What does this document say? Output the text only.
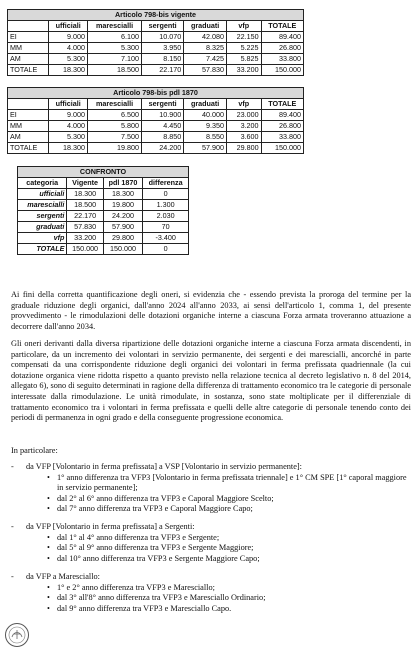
Articolo 798-bis vigente						
	ufficiali	marescialli	sergenti	graduati	vfp	TOTALE
EI	9.000	6.100	10.070	42.080	22.150	89.400
MM	4.000	5.300	3.950	8.325	5.225	26.800
AM	5.300	7.100	8.150	7.425	5.825	33.800
TOTALE	18.300	18.500	22.170	57.830	33.200	150.000
Articolo 798-bis pdl 1870						
	ufficiali	marescialli	sergenti	graduati	vfp	TOTALE
EI	9.000	6.500	10.900	40.000	23.000	89.400
MM	4.000	5.800	4.450	9.350	3.200	26.800
AM	5.300	7.500	8.850	8.550	3.600	33.800
TOTALE	18.300	19.800	24.200	57.900	29.800	150.000
CONFRONTO			
categoria	Vigente	pdl 1870	differenza
ufficiali	18.300	18.300	0
marescialli	18.500	19.800	1.300
sergenti	22.170	24.200	2.030
graduati	57.830	57.900	70
vfp	33.200	29.800	-3.400
TOTALE	150.000	150.000	0

Ai fini della corretta quantificazione degli oneri, si evidenzia che - essendo prevista la proroga del termine per la graduale riduzione degli organici, dall'anno 2024 all'anno 2033, ai sensi dell'articolo 1, comma 1, del presente provvedimento - le rimodulazioni delle dotazioni organiche interne a ciascuna Forza armata troveranno attuazione a decorrere dall'anno 2034.

Gli oneri derivanti dalla diversa ripartizione delle dotazioni organiche interne a ciascuna Forza armata discendenti, in particolare, da un incremento dei volontari in servizio permanente, dei sergenti e dei marescialli, ancorché in parte compensati da una corrispondente riduzione degli organici dei volontari in ferma prefissata quadriennale (la cui dotazione organica viene ridotta rispetto a quanto previsto nella relazione tecnica al decreto legislativo n. 8 del 2014, allegato 6), sono di seguito determinati in ragione della differenza di trattamento economico tra le categorie di personale interessate dalla rimodulazione. Le unità rimodulate, in sostanza, sono state moltiplicate per il differenziale di trattamento economico tra i volontari in ferma prefissata e quelli delle altre categorie di personale tenendo conto dei periodi di permanenza in ogni grado e della conseguente progressione economica.

In particolare:

- da VFP [Volontario in ferma prefissata] a VSP [Volontario in servizio permanente]:
• 1° anno differenza tra VFP3 [Volontario in ferma prefissata triennale] e 1° CM SPE [1° caporal maggiore in servizio permanente];
• dal 2° al 6° anno differenza tra VFP3 e Caporal Maggiore Scelto;
• dal 7° anno differenza tra VFP3 e Caporal Maggiore Capo;
- da VFP [Volontario in ferma prefissata] a Sergenti:
• dal 1° al 4° anno differenza tra VFP3 e Sergente;
• dal 5° al 9° anno differenza tra VFP3 e Sergente Maggiore;
• dal 10° anno differenza tra VFP3 e Sergente Maggiore Capo;
- da VFP a Maresciallo:
• 1° e 2° anno differenza tra VFP3 e Maresciallo;
• dal 3° all'8° anno differenza tra VFP3 e Maresciallo Ordinario;
• dal 9° anno differenza tra VFP3 e Maresciallo Capo.
